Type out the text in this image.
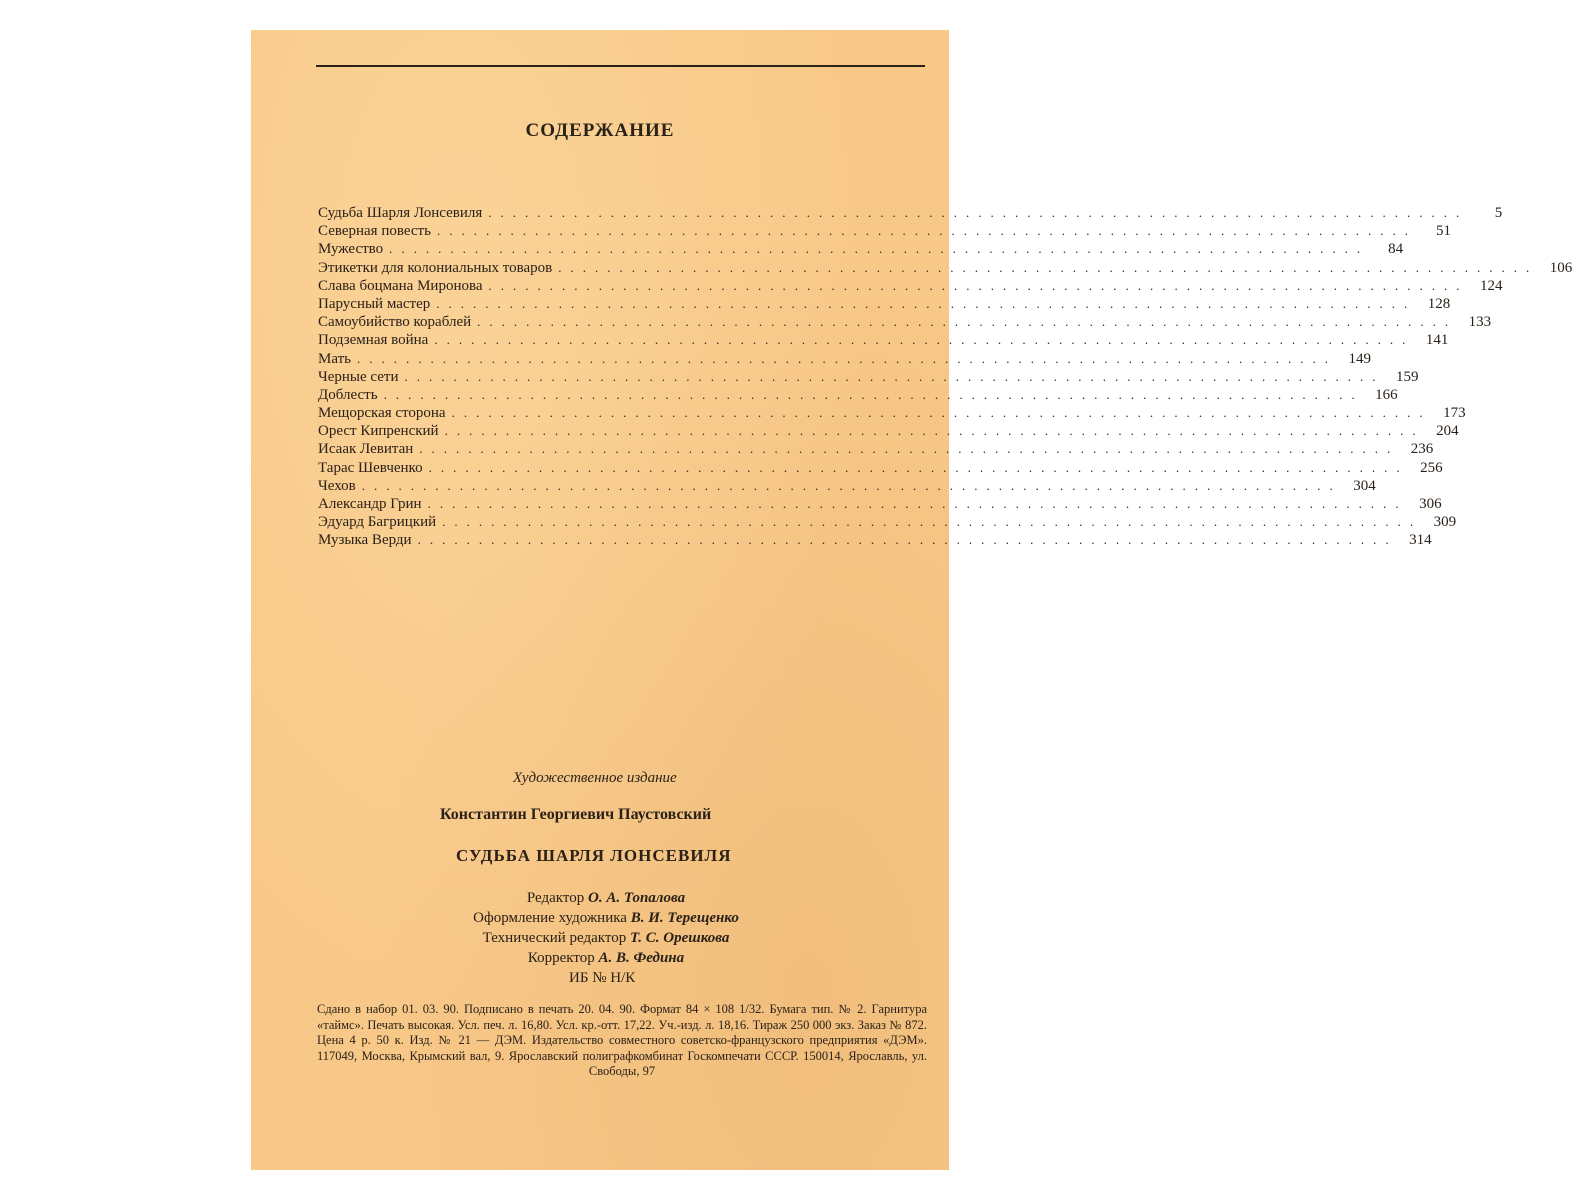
СОДЕРЖАНИЕ
Судьба Шарля Лонсевиля ................................................................................	5
Северная повесть ................................................................................	51
Мужество ................................................................................	84
Этикетки для колониальных товаров ................................................................................ 106
Слава боцмана Миронова ................................................................................ 124
Парусный мастер ................................................................................ 128
Самоубийство кораблей ................................................................................ 133
Подземная война ................................................................................ 141
Мать ................................................................................ 149
Черные сети ................................................................................ 159
Доблесть ................................................................................ 166
Мещорская сторона ................................................................................ 173
Орест Кипренский ................................................................................ 204
Исаак Левитан ................................................................................ 236
Тарас Шевченко ................................................................................ 256
Чехов ................................................................................ 304
Александр Грин ................................................................................ 306
Эдуард Багрицкий ................................................................................ 309
Музыка Верди ................................................................................ 314
Художественное издание
Константин Георгиевич Паустовский
СУДЬБА ШАРЛЯ ЛОНСЕВИЛЯ
Редактор О. А. Топалова
Оформление художника В. И. Терещенко
Технический редактор Т. С. Орешкова
Корректор А. В. Федина
ИБ № Н/К
Сдано в набор 01. 03. 90. Подписано в печать 20. 04. 90. Формат 84 × 108 1/32. Бумага тип. № 2. Гарнитура «таймс». Печать высокая. Усл. печ. л. 16,80. Усл. кр.-отт. 17,22. Уч.-изд. л. 18,16. Тираж 250 000 экз. Заказ № 872. Цена 4 р. 50 к. Изд. № 21 — ДЭМ. Издательство совместного советско-французского предприятия «ДЭМ». 117049, Москва, Крымский вал, 9. Ярославский полиграфкомбинат Госкомпечати СССР. 150014, Ярославль, ул. Свободы, 97
